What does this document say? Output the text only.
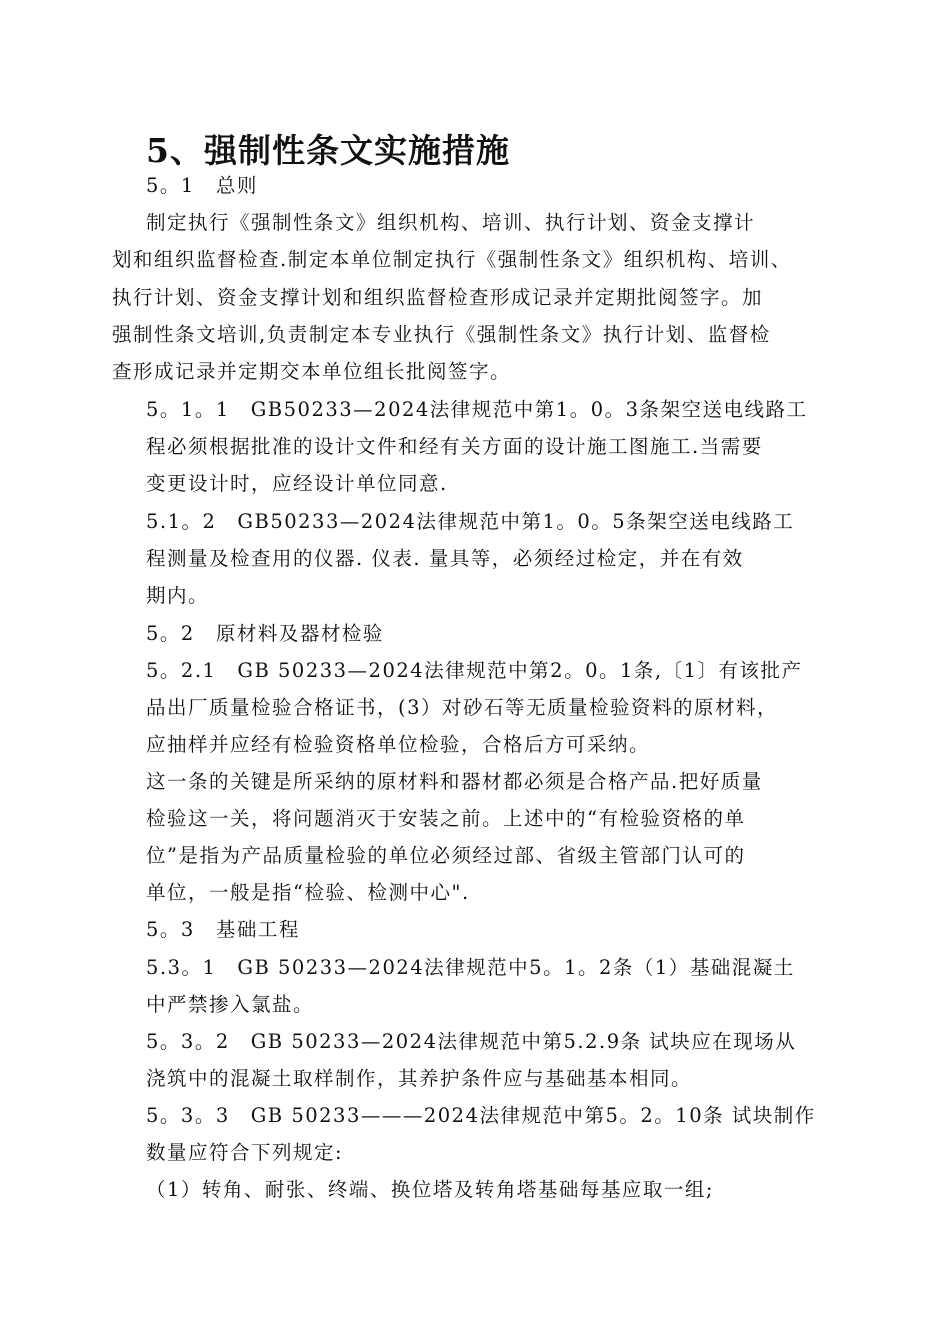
5、强制性条文实施措施
5。1　总则
制定执行《强制性条文》组织机构、培训、执行计划、资金支撑计
划和组织监督检查.制定本单位制定执行《强制性条文》组织机构、培训、
执行计划、资金支撑计划和组织监督检查形成记录并定期批阅签字。加
强制性条文培训,负责制定本专业执行《强制性条文》执行计划、监督检
查形成记录并定期交本单位组长批阅签字。
5。1。1　GB50233—2024法律规范中第1。0。3条架空送电线路工
程必须根据批准的设计文件和经有关方面的设计施工图施工.当需要
变更设计时，应经设计单位同意.
5.1。2　GB50233—2024法律规范中第1。0。5条架空送电线路工
程测量及检查用的仪器. 仪表. 量具等，必须经过检定，并在有效
期内。
5。2　原材料及器材检验
5。2.1　GB 50233—2024法律规范中第2。0。1条,〔1〕有该批产
品出厂质量检验合格证书，(3）对砂石等无质量检验资料的原材料，
应抽样并应经有检验资格单位检验，合格后方可采纳。
这一条的关键是所采纳的原材料和器材都必须是合格产品.把好质量
检验这一关，将问题消灭于安装之前。上述中的“有检验资格的单
位”是指为产品质量检验的单位必须经过部、省级主管部门认可的
单位，一般是指“检验、检测中心".
5。3　基础工程
5.3。1　GB 50233—2024法律规范中5。1。2条（1）基础混凝土
中严禁掺入氯盐。
5。3。2　GB 50233—2024法律规范中第5.2.9条 试块应在现场从
浇筑中的混凝土取样制作，其养护条件应与基础基本相同。
5。3。3　GB 50233———2024法律规范中第5。2。10条 试块制作
数量应符合下列规定:
（1）转角、耐张、终端、换位塔及转角塔基础每基应取一组;
